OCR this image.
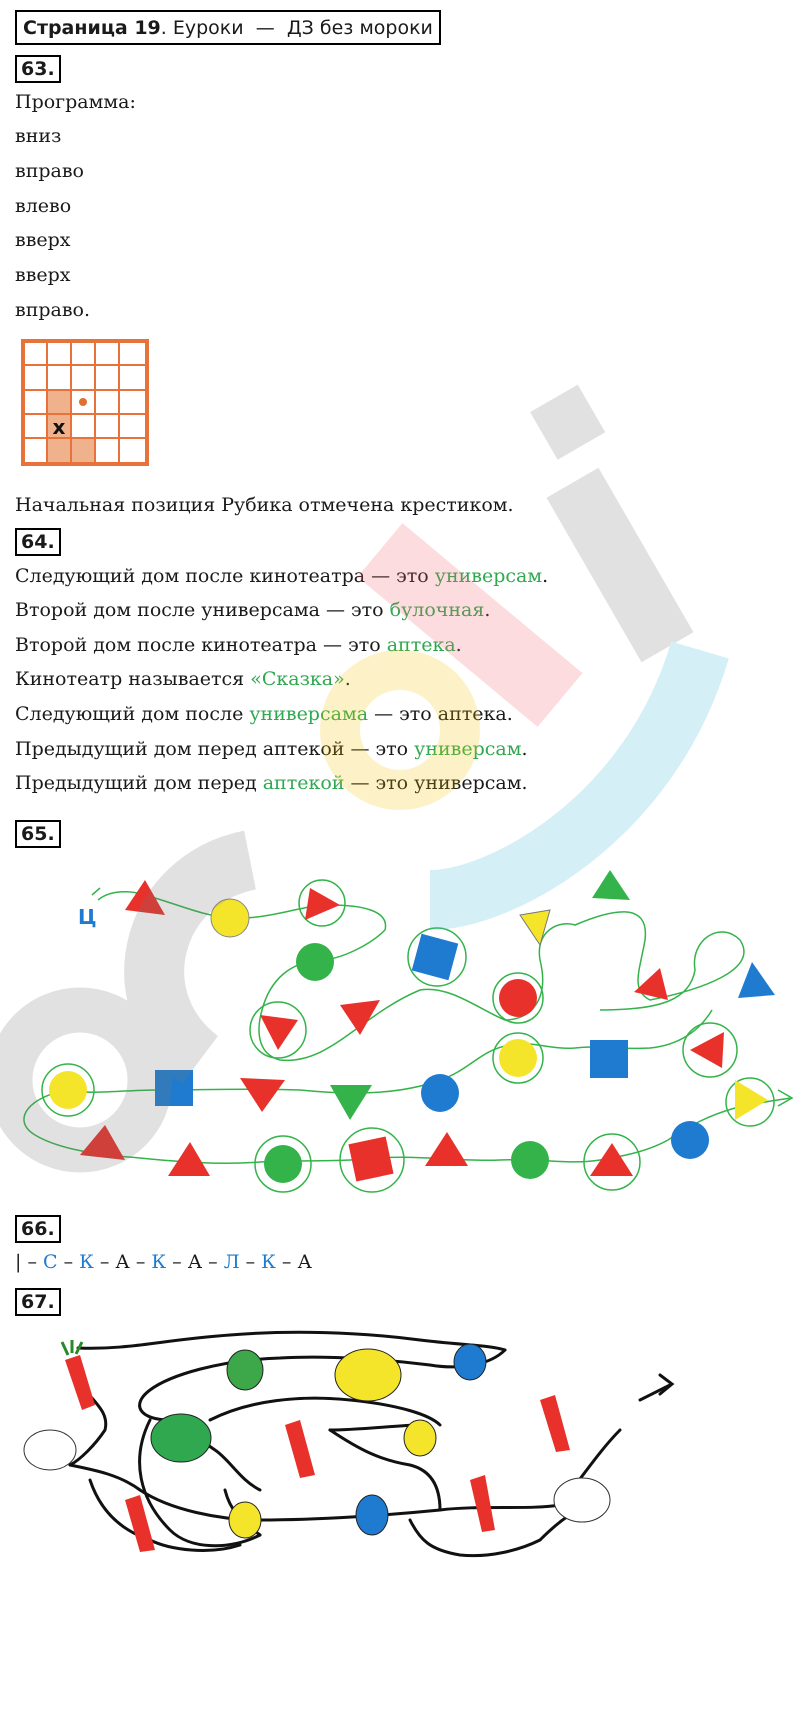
Страница 19 . Еуроки
—
ДЗ без мороки
63.
Программа:
вниз
вправо
влево
вверх
вверх
вправо.
x
Начальная позиция Рубика отмечена крестиком.
64.
Следующий дом после кинотеатра — это универсам.
Второй дом после универсама — это булочная.
Второй дом после кинотеатра — это аптека.
Кинотеатр называется «Сказка».
Следующий дом после универсама — это аптека.
Предыдущий дом перед аптекой — это универсам.
Предыдущий дом перед аптекой — это универсам.
65.
Ц
66.
| – С – К – А – К – А – Л – К – А
67.
